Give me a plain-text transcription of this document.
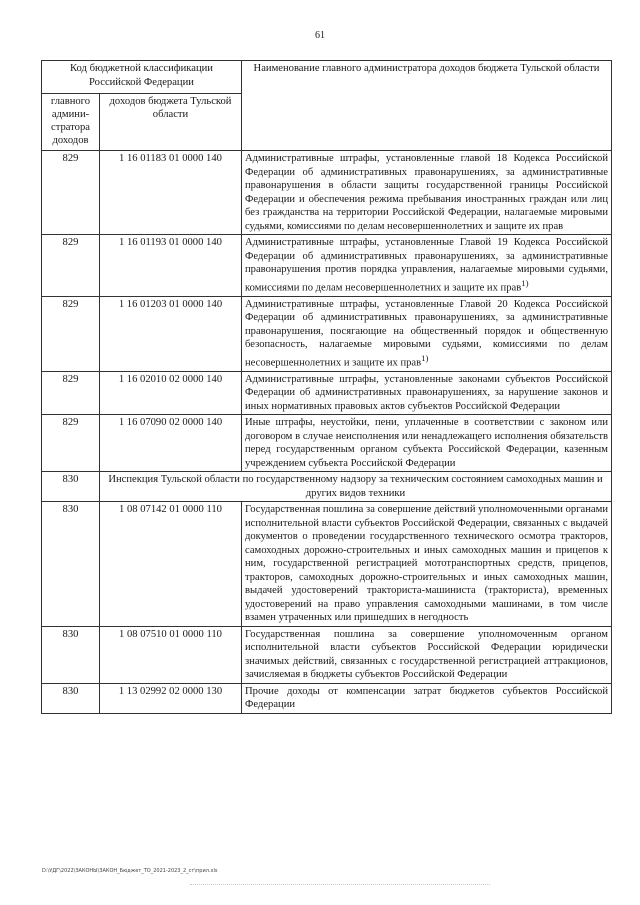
61
Код бюджетной классификации Российской Федерации		Наименование главного администратора доходов бюджета Тульской области
главного админи- стратора доходов	доходов бюджета Тульской области	
829	1 16 01183 01 0000 140	Административные штрафы, установленные главой 18 Кодекса Российской Федерации об административных правонарушениях, за административные правонарушения в области защиты государственной границы Российской Федерации и обеспечения режима пребывания иностранных граждан или лиц без гражданства на территории Российской Федерации, налагаемые мировыми судьями, комиссиями по делам несовершеннолетних и защите их прав
829	1 16 01193 01 0000 140	Административные штрафы, установленные Главой 19 Кодекса Российской Федерации об административных правонарушениях, за административные правонарушения против порядка управления, налагаемые мировыми судьями, комиссиями по делам несовершеннолетних и защите их прав$^{1)}$
829	1 16 01203 01 0000 140	Административные штрафы, установленные Главой 20 Кодекса Российской Федерации об административных правонарушениях, за административные правонарушения, посягающие на общественный порядок и общественную безопасность, налагаемые мировыми судьями, комиссиями по делам несовершеннолетних и защите их прав$^{1)}$
829	1 16 02010 02 0000 140	Административные штрафы, установленные законами субъектов Российской Федерации об административных правонарушениях, за нарушение законов и иных нормативных правовых актов субъектов Российской Федерации
829	1 16 07090 02 0000 140	Иные штрафы, неустойки, пени, уплаченные в соответствии с законом или договором в случае неисполнения или ненадлежащего исполнения обязательств перед государственным органом субъекта Российской Федерации, казенным учреждением субъекта Российской Федерации
830	Инспекция Тульской области по государственному надзору за техническим состоянием самоходных машин и других видов техники	
830	1 08 07142 01 0000 110	Государственная пошлина за совершение действий уполномоченными органами исполнительной власти субъектов Российской Федерации, связанных с выдачей документов о проведении государственного технического осмотра тракторов, самоходных дорожно-строительных и иных самоходных машин и прицепов к ним, государственной регистрацией мототранспортных средств, прицепов, тракторов, самоходных дорожно-строительных и иных самоходных машин, выдачей удостоверений тракториста-машиниста (тракториста), временных удостоверений на право управления самоходными машинами, в том числе взамен утраченных или пришедших в негодность
830	1 08 07510 01 0000 110	Государственная пошлина за совершение уполномоченным органом исполнительной власти субъектов Российской Федерации юридически значимых действий, связанных с государственной регистрацией аттракционов, зачисляемая в бюджеты субъектов Российской Федерации
830	1 13 02992 02 0000 130	Прочие доходы от компенсации затрат бюджетов субъектов Российской Федерации
D:\УДГ\2022\ЗАКОНЫ\ЗАКОН_Бюджет_ТО_2021-2023_2_ст\прил.xls
